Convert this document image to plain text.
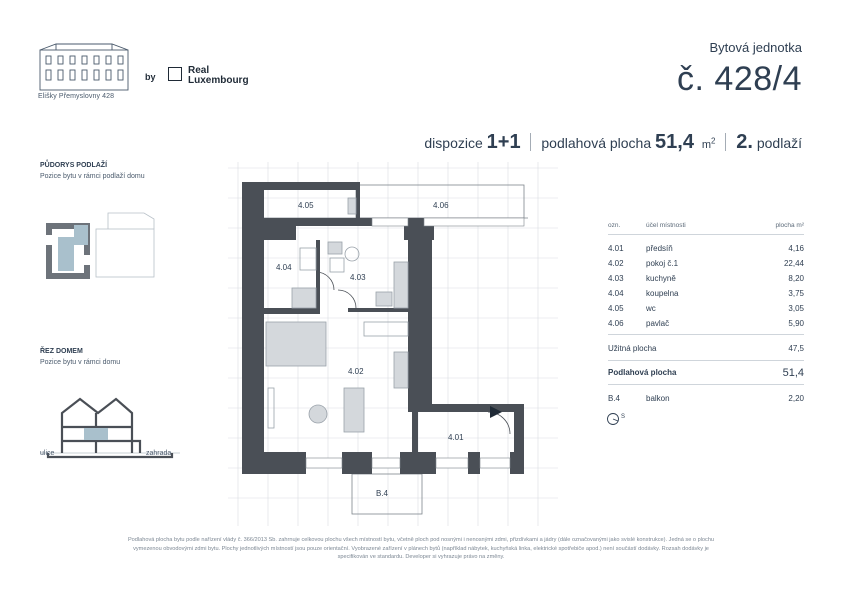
Elišky Přemyslovny 428
by
Real
Luxembourg
Bytová jednotka
č. 428/4
dispozice 1+1 podlahová plocha 51,4 $m^2$ 2. podlaží
PŮDORYS PODLAŽÍ
Pozice bytu v rámci podlaží domu
ŘEZ DOMEM
Pozice bytu v rámci domu
ulice	zahrada
4.05	4.06
4.04
4.03
4.02
4.01
B.4
ozn.	účel místnosti	plocha m²
4.01	předsíň	4,16
4.02	pokoj č.1	22,44
4.03	kuchyně	8,20
4.04	koupelna	3,75
4.05	wc	3,05
4.06	pavlač	5,90
Užitná plocha	47,5
Podlahová plocha	51,4
B.4	balkon	2,20
S
Podlahová plocha bytu podle nařízení vlády č. 366/2013 Sb. zahrnuje celkovou plochu všech místností bytu, včetně ploch pod nosnými i nenosnými zdmi, přizdívkami a jádry (dále označovanými jako svislé konstrukce). Jedná se o plochu
vymezenou obvodovými zdmi bytu. Plochy jednotlivých místností jsou pouze orientační. Vyobrazené zařízení v plánech bytů (například nábytek, kuchyňská linka, elektrické spotřebiče apod.) není součástí dodávky. Rozsah dodávky je
specifikován ve standardu. Developer si vyhrazuje právo na změny.
